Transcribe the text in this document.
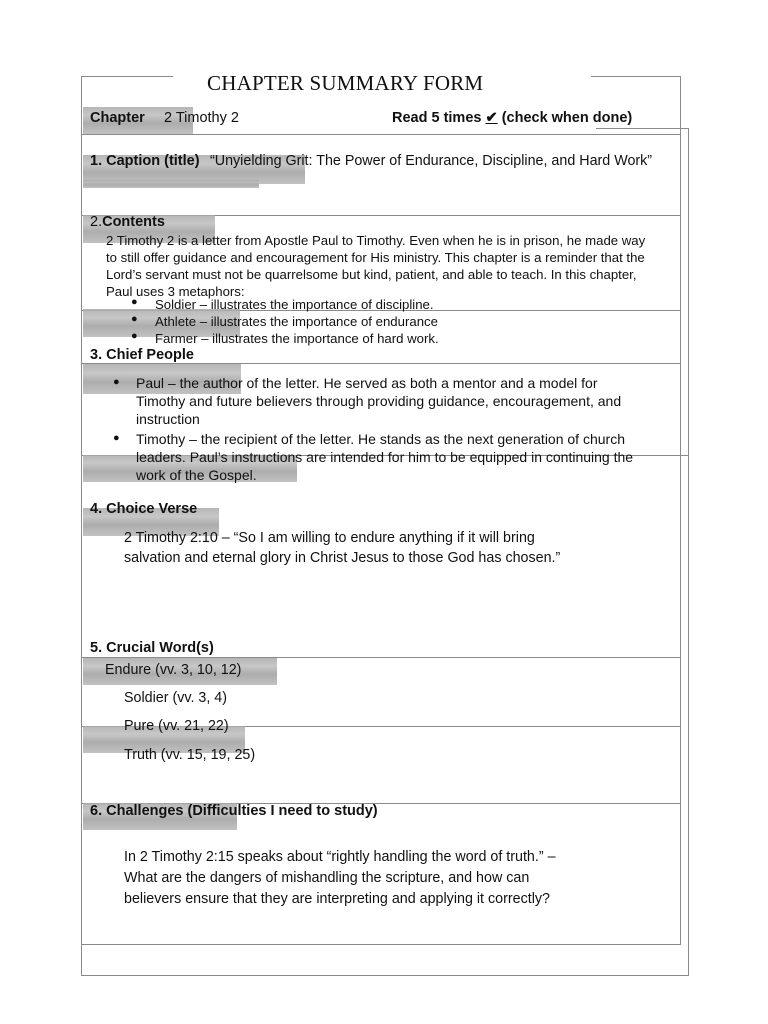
CHAPTER SUMMARY FORM
Chapter 2 Timothy 2	Read 5 times ✔ (check when done)
1. Caption (title) “Unyielding Grit: The Power of Endurance, Discipline, and Hard Work”
2.Contents
2 Timothy 2 is a letter from Apostle Paul to Timothy. Even when he is in prison, he made way
to still offer guidance and encouragement for His ministry. This chapter is a reminder that the
Lord’s servant must not be quarrelsome but kind, patient, and able to teach. In this chapter,
Paul uses 3 metaphors:
● Soldier – illustrates the importance of discipline.
● Athlete – illustrates the importance of endurance
● Farmer – illustrates the importance of hard work.
3. Chief People
● Paul – the author of the letter. He served as both a mentor and a model for
Timothy and future believers through providing guidance, encouragement, and
instruction
● Timothy – the recipient of the letter. He stands as the next generation of church
leaders. Paul’s instructions are intended for him to be equipped in continuing the
work of the Gospel.
4. Choice Verse
2 Timothy 2:10 – “So I am willing to endure anything if it will bring
salvation and eternal glory in Christ Jesus to those God has chosen.”
5. Crucial Word(s)
Endure (vv. 3, 10, 12)
Soldier (vv. 3, 4)
Pure (vv. 21, 22)
Truth (vv. 15, 19, 25)
6. Challenges (Difficulties I need to study)
In 2 Timothy 2:15 speaks about “rightly handling the word of truth.” –
What are the dangers of mishandling the scripture, and how can
believers ensure that they are interpreting and applying it correctly?
